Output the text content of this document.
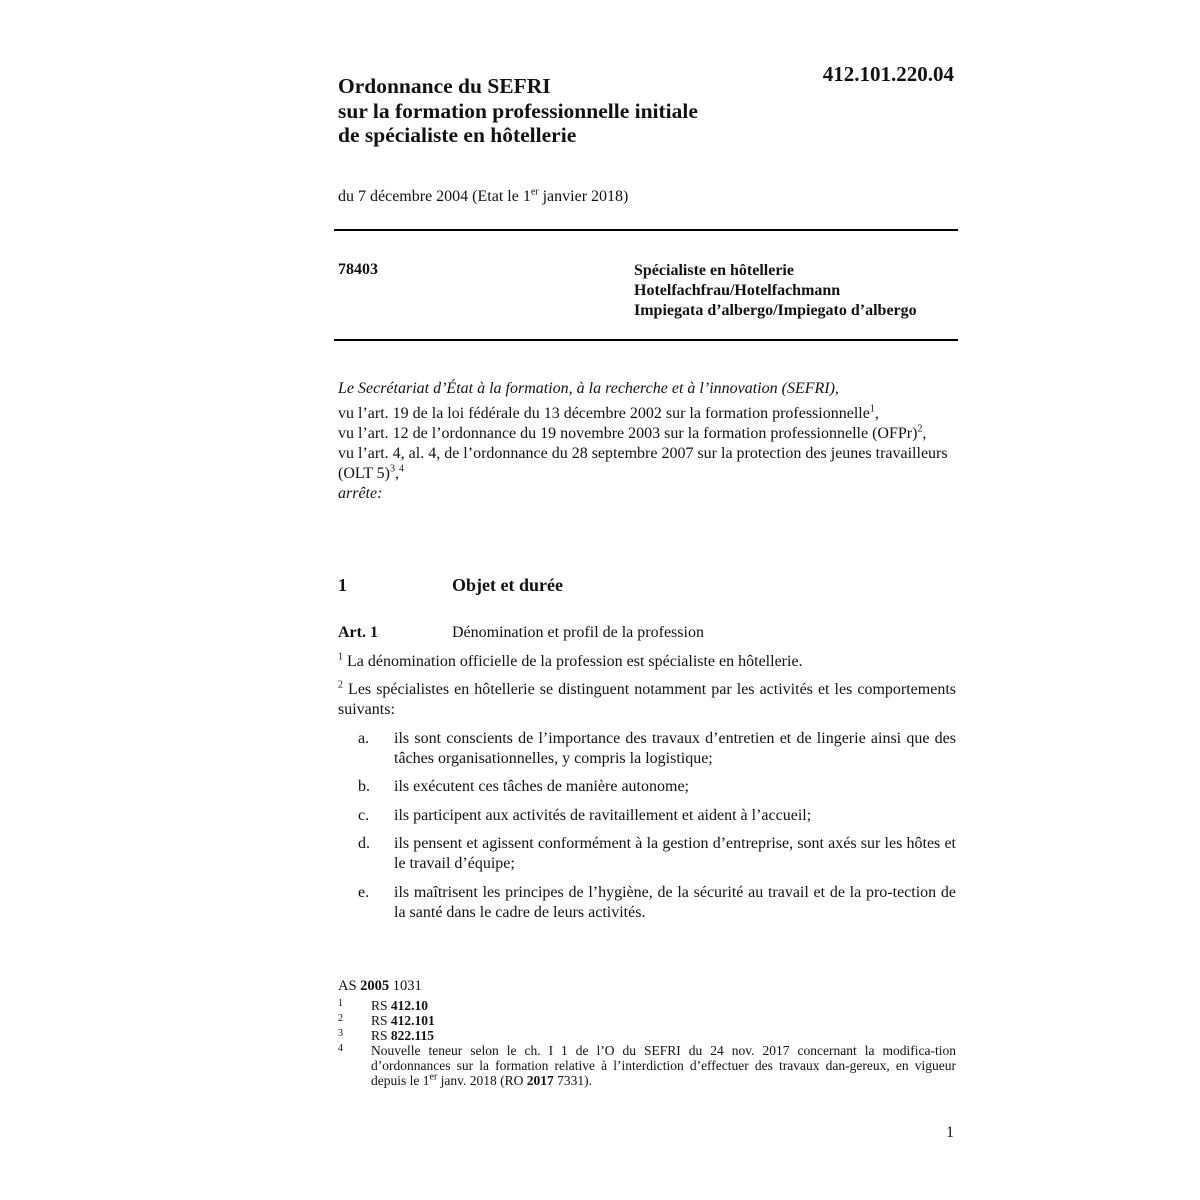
Ordonnance du SEFRI
sur la formation professionnelle initiale
de spécialiste en hôtellerie
412.101.220.04
du 7 décembre 2004 (Etat le 1er janvier 2018)
78403	Spécialiste en hôtellerie
Hotelfachfrau/Hotelfachmann
Impiegata d’albergo/Impiegato d’albergo
Le Secrétariat d’État à la formation, à la recherche et à l’innovation (SEFRI),
vu l’art. 19 de la loi fédérale du 13 décembre 2002 sur la formation professionnelle$^1$,
vu l’art. 12 de l’ordonnance du 19 novembre 2003 sur la formation professionnelle (OFPr)$^2$,
vu l’art. 4, al. 4, de l’ordonnance du 28 septembre 2007 sur la protection des jeunes travailleurs (OLT 5)$^3$,$^4$
arrête:
1	Objet et durée
Art. 1	Dénomination et profil de la profession
$^1$ La dénomination officielle de la profession est spécialiste en hôtellerie.
$^2$ Les spécialistes en hôtellerie se distinguent notamment par les activités et les comportements suivants:
a. ils sont conscients de l’importance des travaux d’entretien et de lingerie ainsi que des tâches organisationnelles, y compris la logistique;
b. ils exécutent ces tâches de manière autonome;
c. ils participent aux activités de ravitaillement et aident à l’accueil;
d. ils pensent et agissent conformément à la gestion d’entreprise, sont axés sur les hôtes et le travail d’équipe;
e. ils maîtrisent les principes de l’hygiène, de la sécurité au travail et de la pro-tection de la santé dans le cadre de leurs activités.
AS 2005 1031
1 RS 412.10
2 RS 412.101
3 RS 822.115
4 Nouvelle teneur selon le ch. I 1 de l’O du SEFRI du 24 nov. 2017 concernant la modifica-tion d’ordonnances sur la formation relative à l’interdiction d’effectuer des travaux dan-gereux, en vigueur depuis le 1er janv. 2018 (RO 2017 7331).
1
